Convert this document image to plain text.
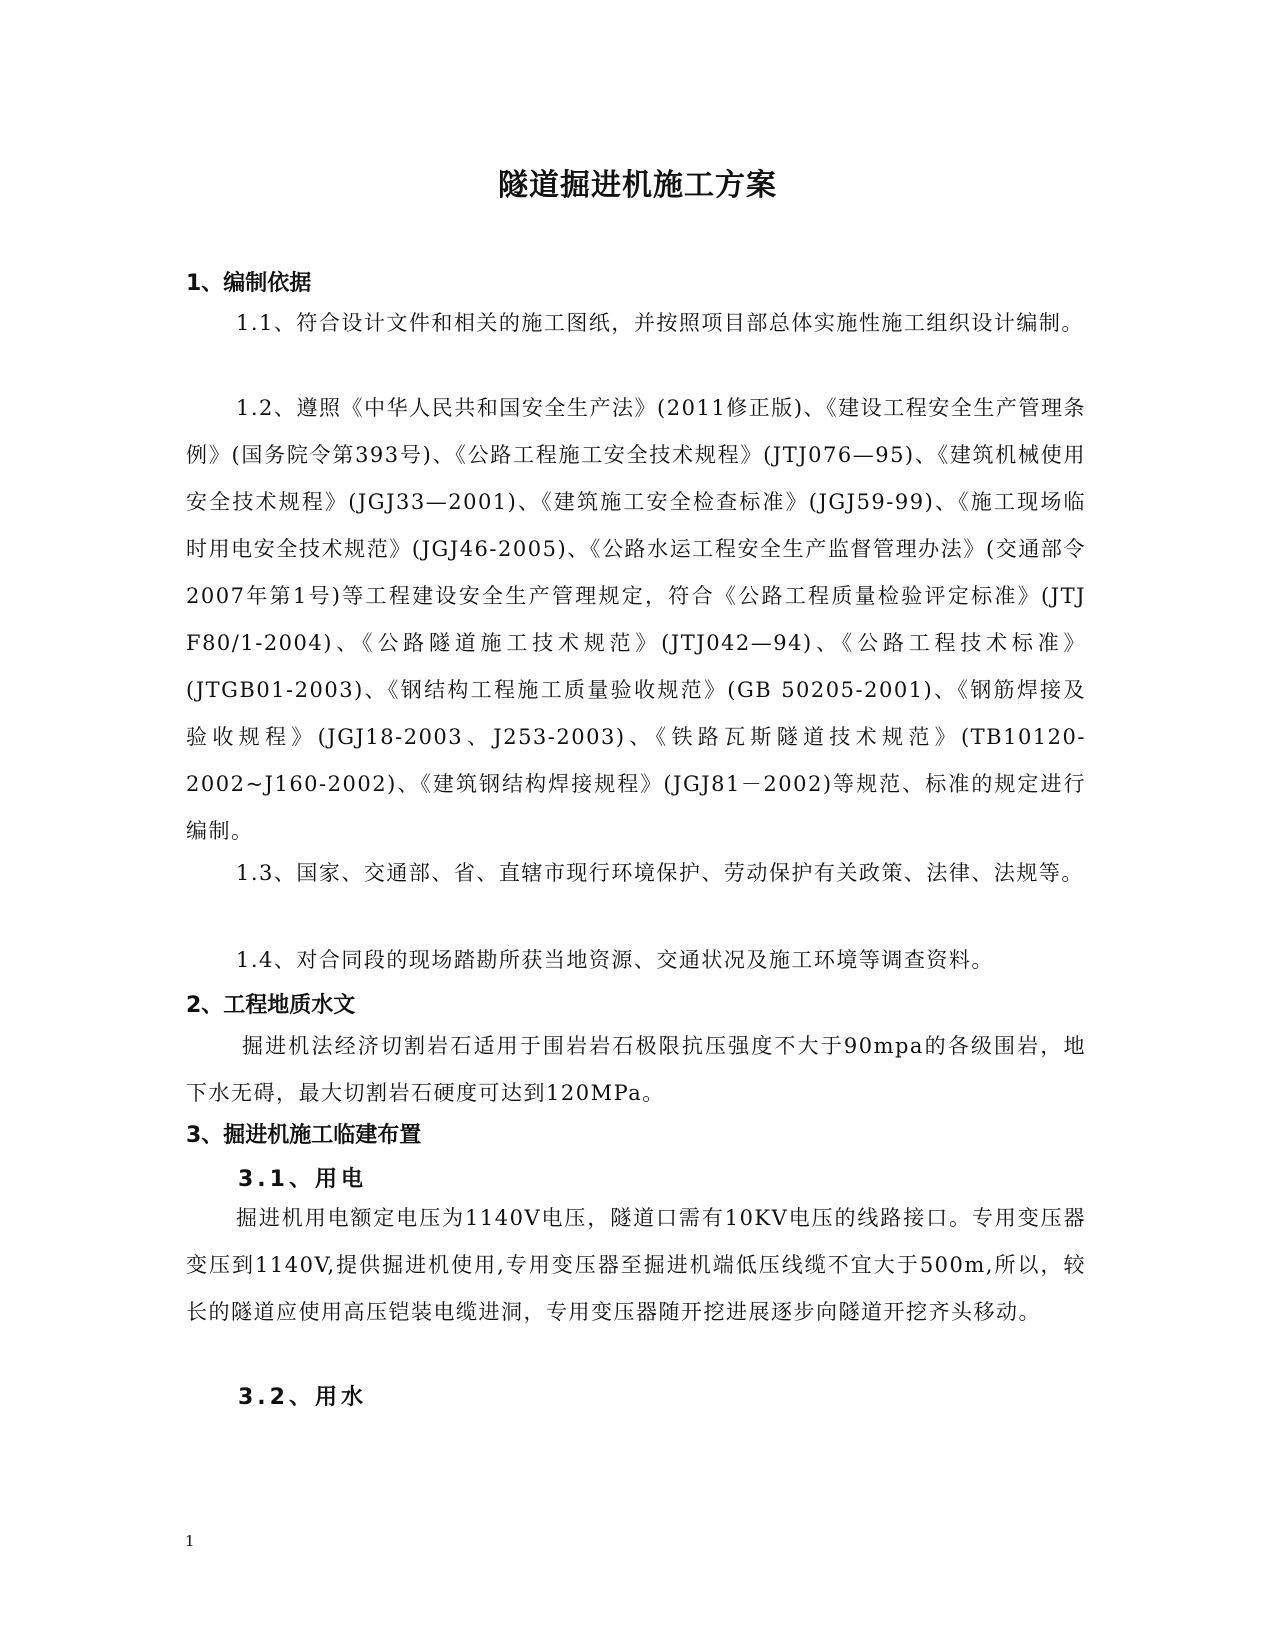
隧道掘进机施工方案
1、编制依据
1.1、符合设计文件和相关的施工图纸，并按照项目部总体实施性施工组织设计编制。
1.2、遵照《中华人民共和国安全生产法》(2011修正版)、《建设工程安全生产管理条例》(国务院令第393号)、《公路工程施工安全技术规程》(JTJ076—95)、《建筑机械使用安全技术规程》(JGJ33—2001)、《建筑施工安全检查标准》(JGJ59-99)、《施工现场临时用电安全技术规范》(JGJ46-2005)、《公路水运工程安全生产监督管理办法》(交通部令2007年第1号)等工程建设安全生产管理规定，符合《公路工程质量检验评定标准》(JTJ F80/1-2004)、《公路隧道施工技术规范》(JTJ042—94)、《公路工程技术标准》(JTGB01-2003)、《钢结构工程施工质量验收规范》(GB 50205-2001)、《钢筋焊接及验收规程》(JGJ18-2003、J253-2003)、《铁路瓦斯隧道技术规范》(TB10120-2002~J160-2002)、《建筑钢结构焊接规程》(JGJ81－2002)等规范、标准的规定进行编制。
1.3、国家、交通部、省、直辖市现行环境保护、劳动保护有关政策、法律、法规等。
1.4、对合同段的现场踏勘所获当地资源、交通状况及施工环境等调查资料。
2、工程地质水文
掘进机法经济切割岩石适用于围岩岩石极限抗压强度不大于90mpa的各级围岩，地下水无碍，最大切割岩石硬度可达到120MPa。
3、掘进机施工临建布置
3.1、用电
掘进机用电额定电压为1140V电压，隧道口需有10KV电压的线路接口。专用变压器变压到1140V,提供掘进机使用,专用变压器至掘进机端低压线缆不宜大于500m,所以，较长的隧道应使用高压铠装电缆进洞，专用变压器随开挖进展逐步向隧道开挖齐头移动。
3.2、用水
1
